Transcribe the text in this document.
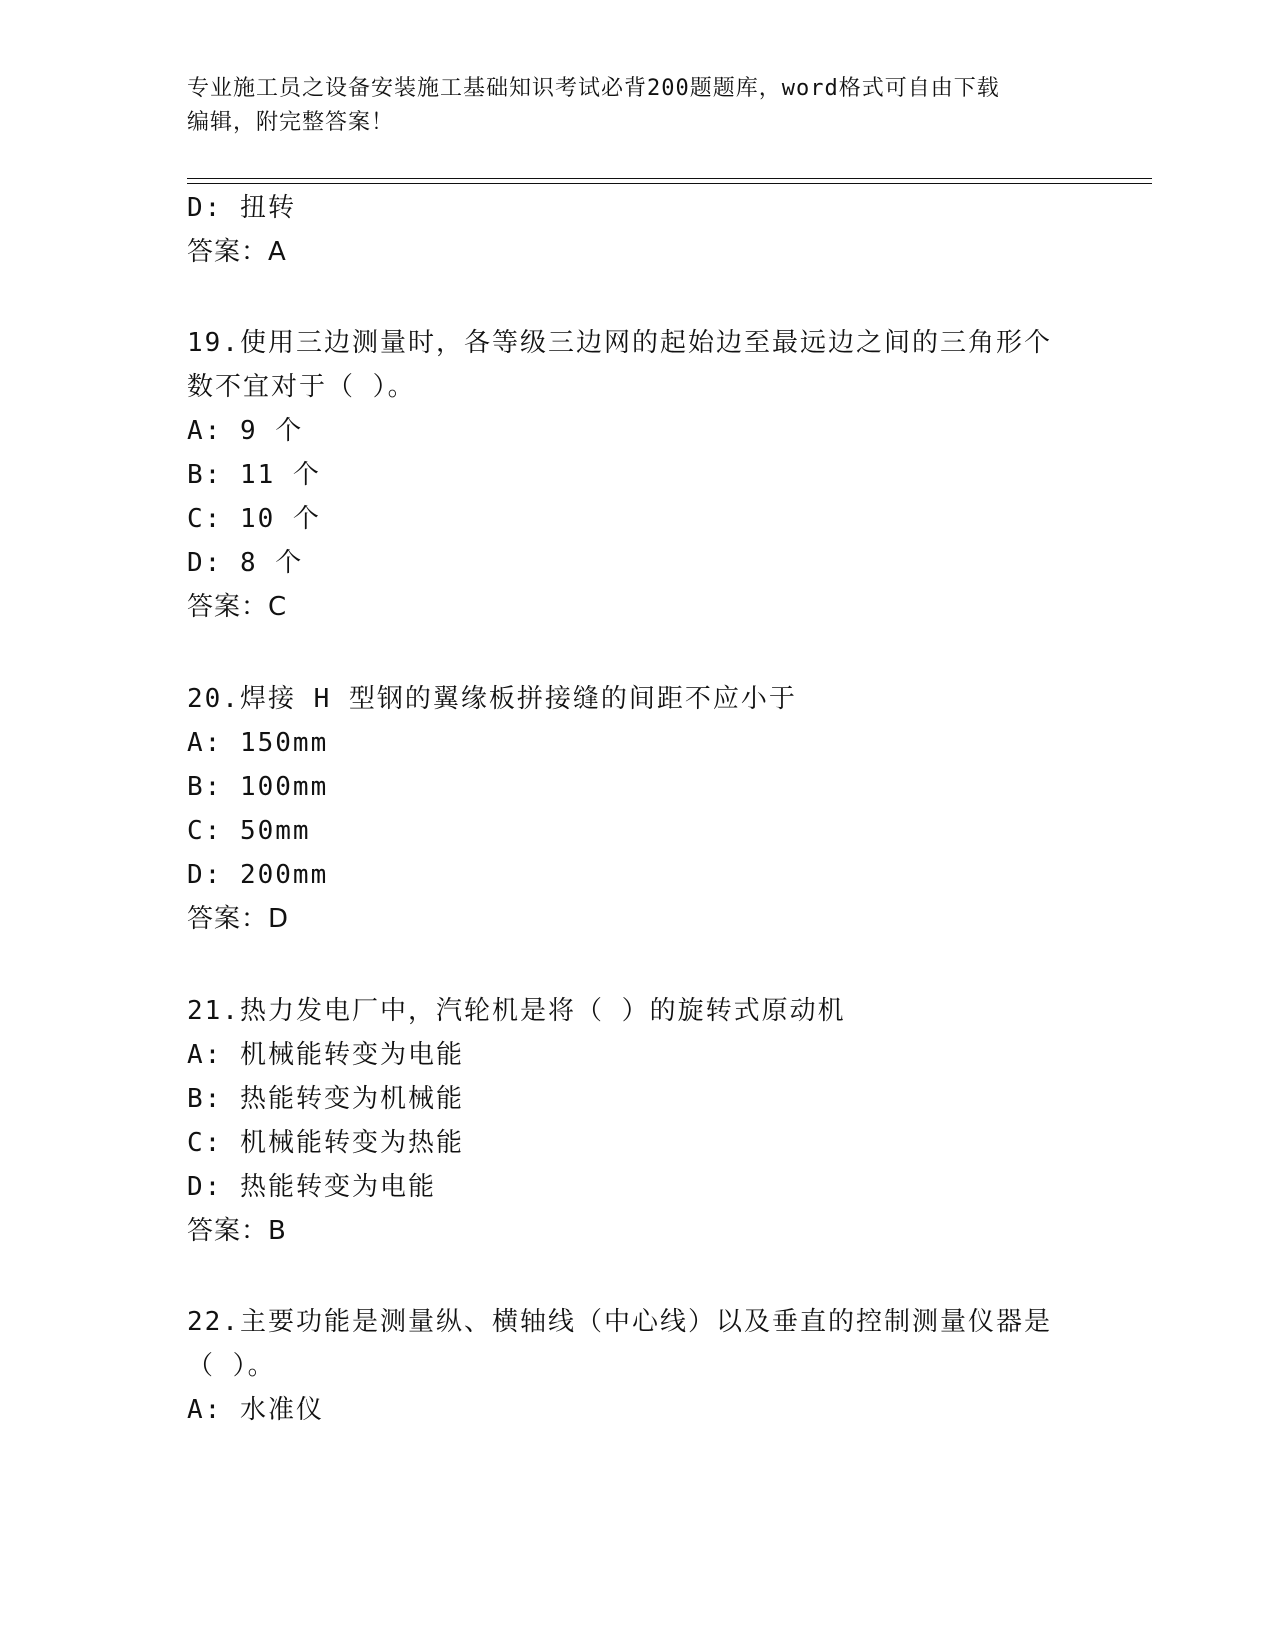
专业施工员之设备安装施工基础知识考试必背200题题库，word格式可自由下载
编辑，附完整答案！
D: 扭转
答案：A
19.使用三边测量时，各等级三边网的起始边至最远边之间的三角形个
数不宜对于（ ）。
A: 9 个
B: 11 个
C: 10 个
D: 8 个
答案：C
20.焊接 H 型钢的翼缘板拼接缝的间距不应小于
A: 150mm
B: 100mm
C: 50mm
D: 200mm
答案：D
21.热力发电厂中，汽轮机是将（ ）的旋转式原动机
A: 机械能转变为电能
B: 热能转变为机械能
C: 机械能转变为热能
D: 热能转变为电能
答案：B
22.主要功能是测量纵、横轴线（中心线）以及垂直的控制测量仪器是
（ ）。
A: 水准仪
